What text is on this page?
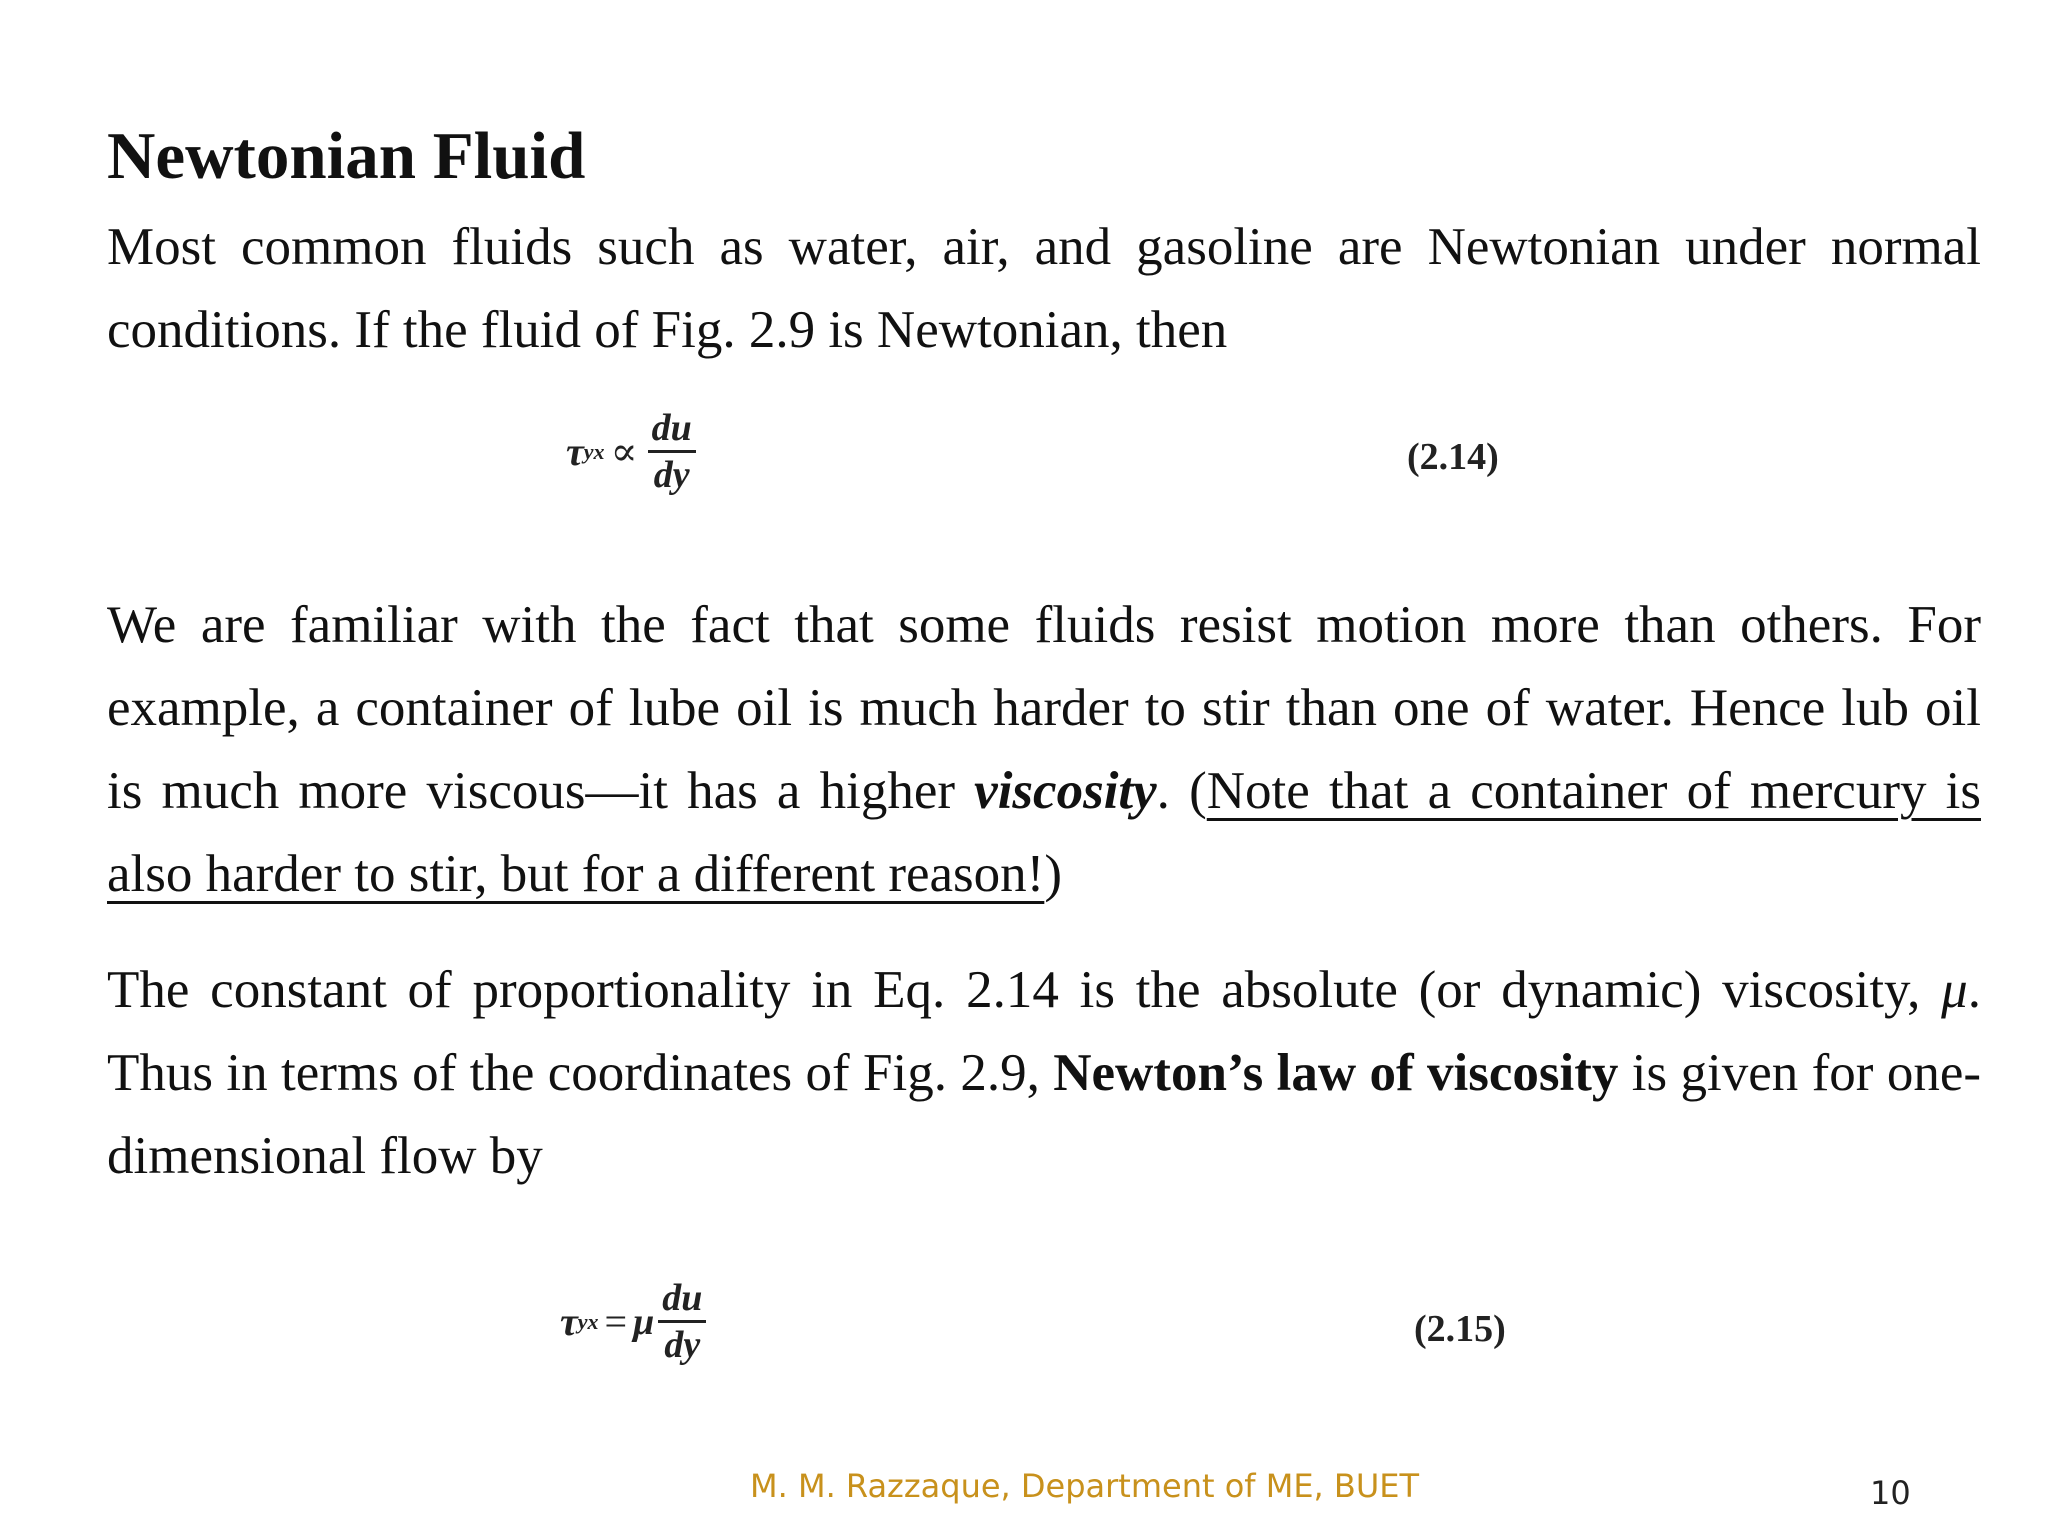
Newtonian Fluid

Most common fluids such as water, air, and gasoline are Newtonian under normal conditions. If the fluid of Fig. 2.9 is Newtonian, then

τ yx ∝ $\frac{du}{dy}$	(2.14)

We are familiar with the fact that some fluids resist motion more than others. For example, a container of lube oil is much harder to stir than one of water. Hence lub oil is much more viscous—it has a higher viscosity. (Note that a container of mercury is also harder to stir, but for a different reason!)

The constant of proportionality in Eq. 2.14 is the absolute (or dynamic) viscosity, μ. Thus in terms of the coordinates of Fig. 2.9, Newton’s law of viscosity is given for one-dimensional flow by

τ yx = μ $\frac{du}{dy}$	(2.15)
M. M. Razzaque, Department of ME, BUET	10
